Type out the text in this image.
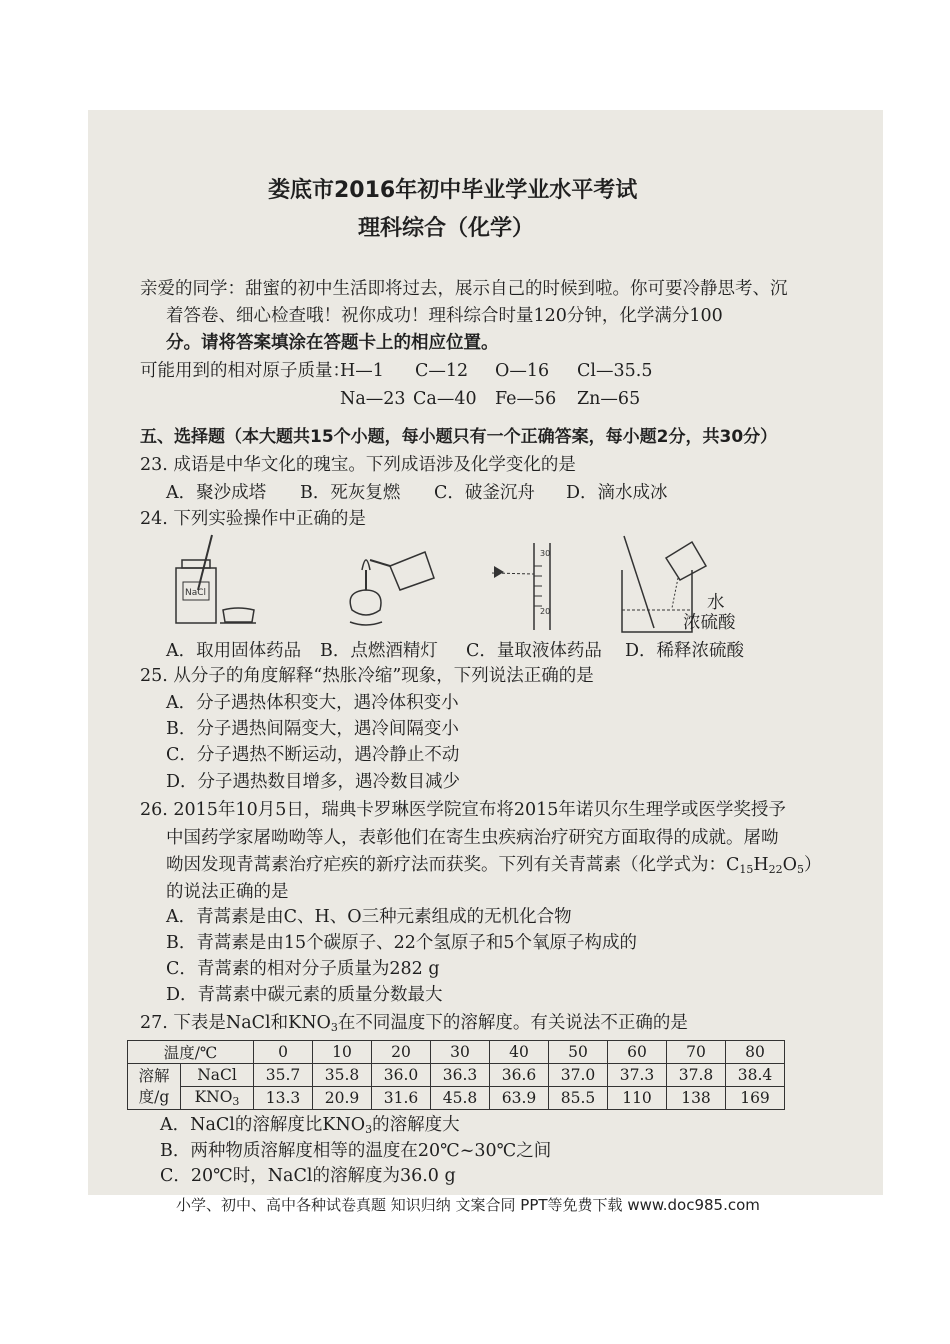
娄底市2016年初中毕业学业水平考试
理科综合（化学）
亲爱的同学：甜蜜的初中生活即将过去，展示自己的时候到啦。你可要冷静思考、沉
着答卷、细心检查哦！祝你成功！理科综合时量120分钟，化学满分100
分。请将答案填涂在答题卡上的相应位置。
可能用到的相对原子质量：
H—1 C—12 O—16 Cl—35.5
Na—23 Ca—40 Fe—56 Zn—65
五、选择题（本大题共15个小题，每小题只有一个正确答案，每小题2分，共30分）
23. 成语是中华文化的瑰宝。下列成语涉及化学变化的是
A．聚沙成塔 B．死灰复燃 C．破釜沉舟 D．滴水成冰
24. 下列实验操作中正确的是
NaCl
30
20	水
浓硫酸
A．取用固体药品 B．点燃酒精灯 C．量取液体药品 D．稀释浓硫酸
25. 从分子的角度解释“热胀冷缩”现象，下列说法正确的是
A．分子遇热体积变大，遇冷体积变小
B．分子遇热间隔变大，遇冷间隔变小
C．分子遇热不断运动，遇冷静止不动
D．分子遇热数目增多，遇冷数目减少
26. 2015年10月5日，瑞典卡罗琳医学院宣布将2015年诺贝尔生理学或医学奖授予
中国药学家屠呦呦等人，表彰他们在寄生虫疾病治疗研究方面取得的成就。屠呦
呦因发现青蒿素治疗疟疾的新疗法而获奖。下列有关青蒿素（化学式为：$C_{15}H_{22}O_5$）
的说法正确的是
A．青蒿素是由C、H、O三种元素组成的无机化合物
B．青蒿素是由15个碳原子、22个氢原子和5个氧原子构成的
C．青蒿素的相对分子质量为282 g
D．青蒿素中碳元素的质量分数最大
27. 下表是NaCl和$KNO_3$在不同温度下的溶解度。有关说法不正确的是
温度/℃		0	10	20	30	40	50	60	70	80
溶解
度/g	NaCl	35.7	35.8	36.0	36.3	36.6	37.0	37.3	37.8	38.4
	$KNO_3$	13.3	20.9	31.6	45.8	63.9	85.5	110	138	169
A．NaCl的溶解度比$KNO_3$的溶解度大
B．两种物质溶解度相等的温度在20℃~30℃之间
C．20℃时，NaCl的溶解度为36.0 g
小学、初中、高中各种试卷真题 知识归纳 文案合同 PPT等免费下载 www.doc985.com
